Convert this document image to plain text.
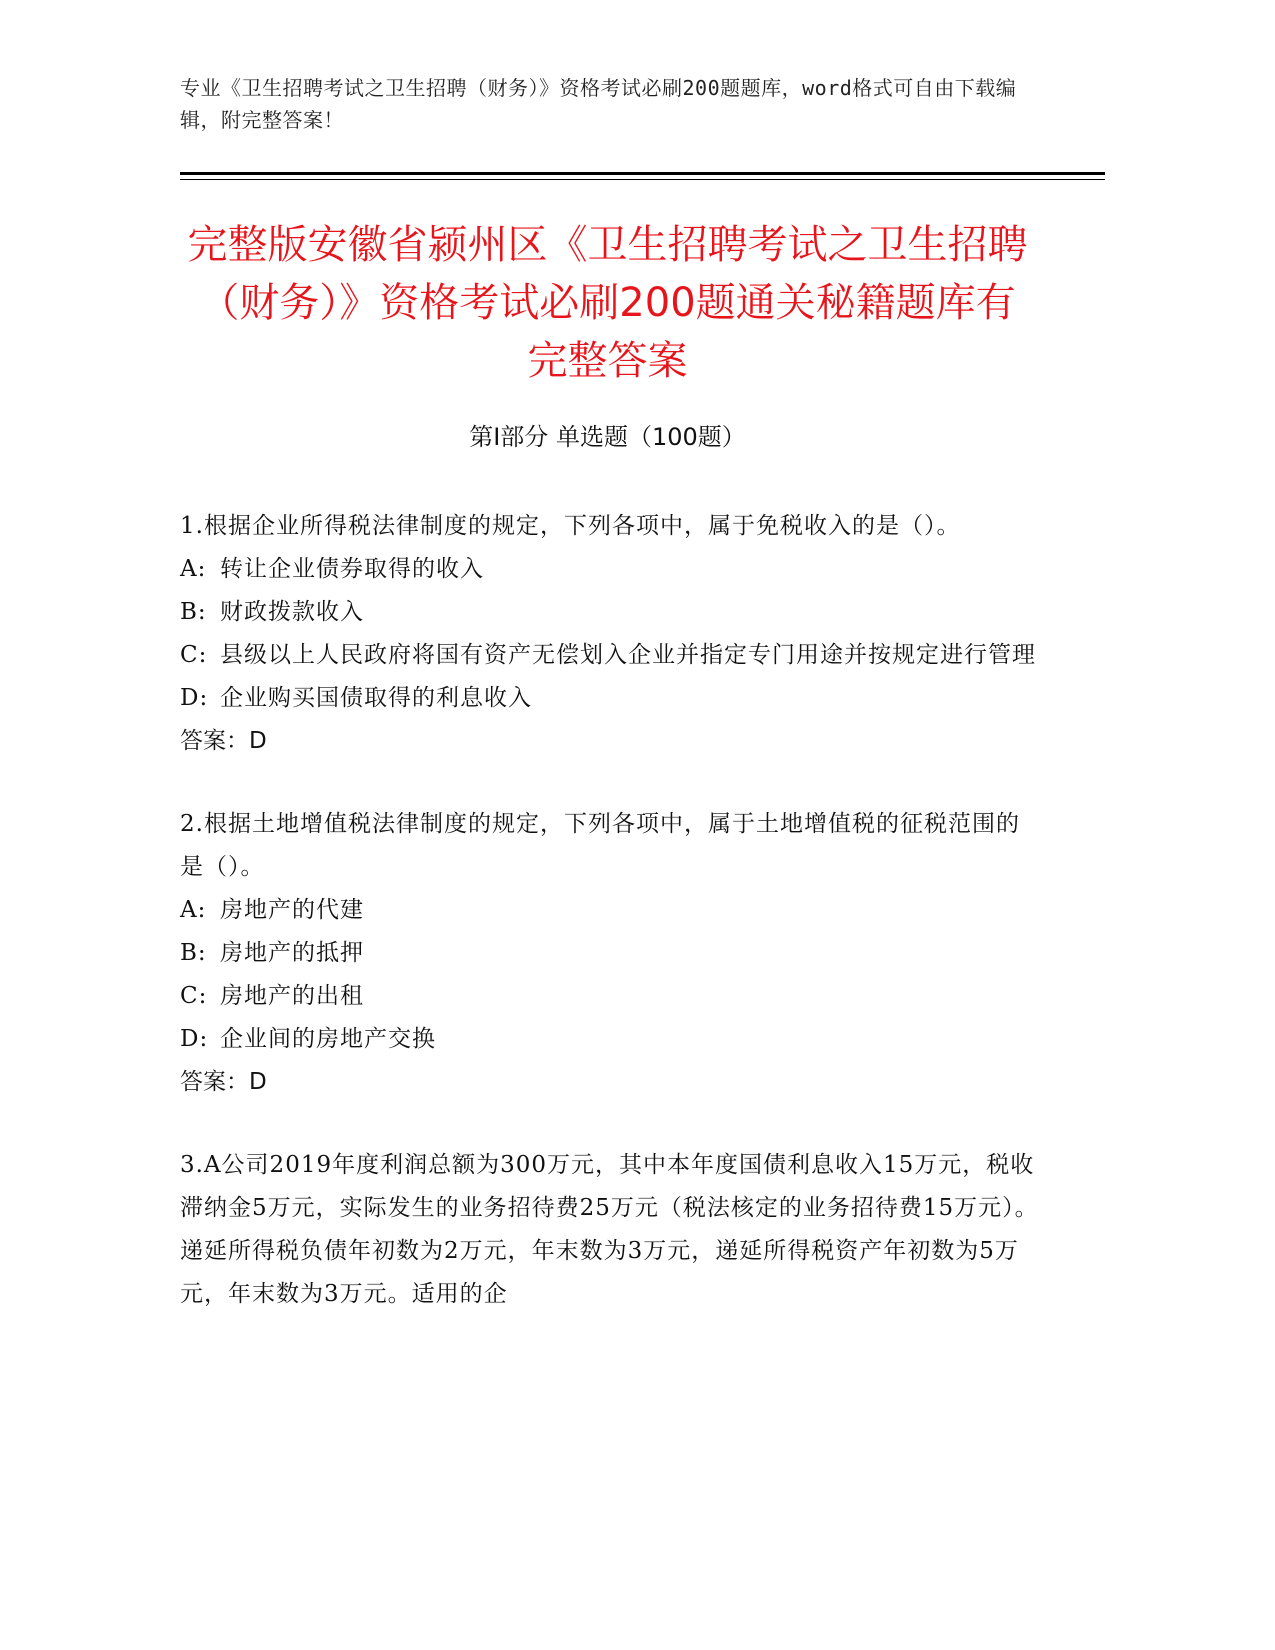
专业《卫生招聘考试之卫生招聘（财务）》资格考试必刷200题题库，word格式可自由下载编辑，附完整答案！
完整版安徽省颍州区《卫生招聘考试之卫生招聘（财务）》资格考试必刷200题通关秘籍题库有完整答案
第Ⅰ部分 单选题（100题）
1.根据企业所得税法律制度的规定，下列各项中，属于免税收入的是（）。
A: 转让企业债券取得的收入
B: 财政拨款收入
C: 县级以上人民政府将国有资产无偿划入企业并指定专门用途并按规定进行管理
D: 企业购买国债取得的利息收入
答案：D
2.根据土地增值税法律制度的规定，下列各项中，属于土地增值税的征税范围的是（）。
A: 房地产的代建
B: 房地产的抵押
C: 房地产的出租
D: 企业间的房地产交换
答案：D
3.A公司2019年度利润总额为300万元，其中本年度国债利息收入15万元，税收滞纳金5万元，实际发生的业务招待费25万元（税法核定的业务招待费15万元）。递延所得税负债年初数为2万元，年末数为3万元，递延所得税资产年初数为5万元，年末数为3万元。适用的企
